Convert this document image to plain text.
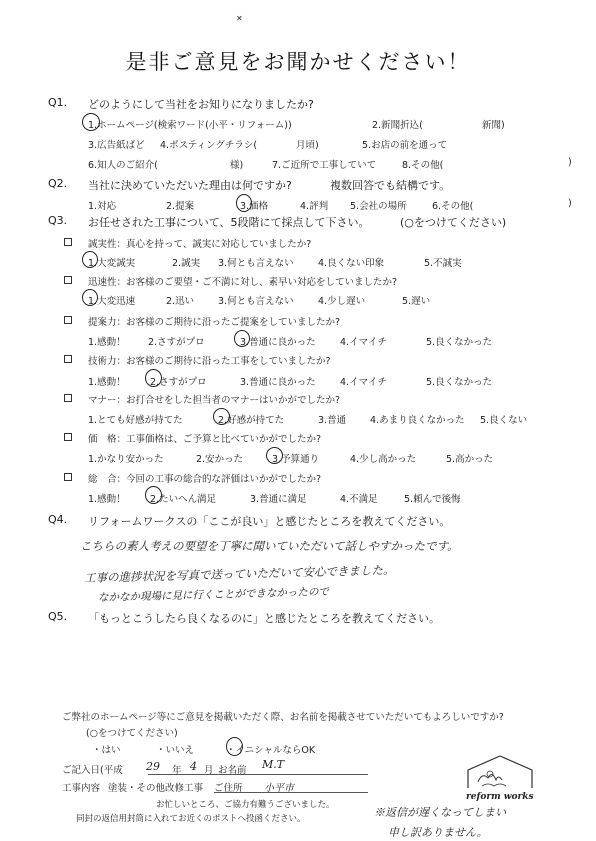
✕
是非ご意見をお聞かせください！
Q1. どのようにして当社をお知りになりましたか?
1.ホームページ(検索ワード(小平・リフォーム))	2.新聞折込(	新聞)
3.広告紙ばど 4.ポスティングチラシ(	月頃)	5.お店の前を通って
6.知人のご紹介(	様)	7.ご近所で工事していて	8.その他(	)
Q2. 当社に決めていただいた理由は何ですか?	複数回答でも結構です。
1.対応	2.提案	3.価格	4.評判 5.会社の場所	6.その他(	)
Q3. お任せされた工事について、5段階にて採点して下さい。	(○をつけてください)
誠実性：真心を持って、誠実に対応していましたか?
1.大変誠実	2.誠実 3.何とも言えない	4.良くない印象	5.不誠実
迅速性：お客様のご要望・ご不満に対し、素早い対応をしていましたか?
1.大変迅速	2.迅い	3.何とも言えない	4.少し遅い	5.遅い
提案力：お客様のご期待に沿ったご提案をしていましたか?
1.感動！ 2.さすがプロ	3.普通に良かった	4.イマイチ	5.良くなかった
技術力：お客様のご期待に沿った工事をしていましたか?
1.感動！	2.さすがプロ	3.普通に良かった	4.イマイチ	5.良くなかった
マナー：お打合せをした担当者のマナーはいかがでしたか?
1.とても好感が持てた	2.好感が持てた	3.普通	4.あまり良くなかった 5.良くない
価　格：工事価格は、ご予算と比べていかがでしたか?
1.かなり安かった	2.安かった	3.予算通り	4.少し高かった	5.高かった
総　合：今回の工事の総合的な評価はいかがでしたか?
1.感動！	2.たいへん満足	3.普通に満足	4.不満足	5.頼んで後悔
Q4. リフォームワークスの「ここが良い」と感じたところを教えてください。
こちらの素人考えの要望を丁寧に聞いていただいて話しやすかったです。
工事の進捗状況を写真で送っていただいて安心できました。
なかなか現場に見に行くことができなかったので
Q5. 「もっとこうしたら良くなるのに」と感じたところを教えてください。
ご弊社のホームページ等にご意見を掲載いただく際、お名前を掲載させていただいてもよろしいですか?
(○をつけてください)
・はい	・いいえ	・イニシャルならOK
ご記入日(平成 29 年 4 月 お名前 M.T
工事内容 塗装・その他改修工事 ご住所 小平市
お忙しいところ、ご協力有難うございました。
同封の返信用封筒に入れてお近くのポストへ投函ください。	※返信が遅くなってしまい
申し訳ありません。
reform works
